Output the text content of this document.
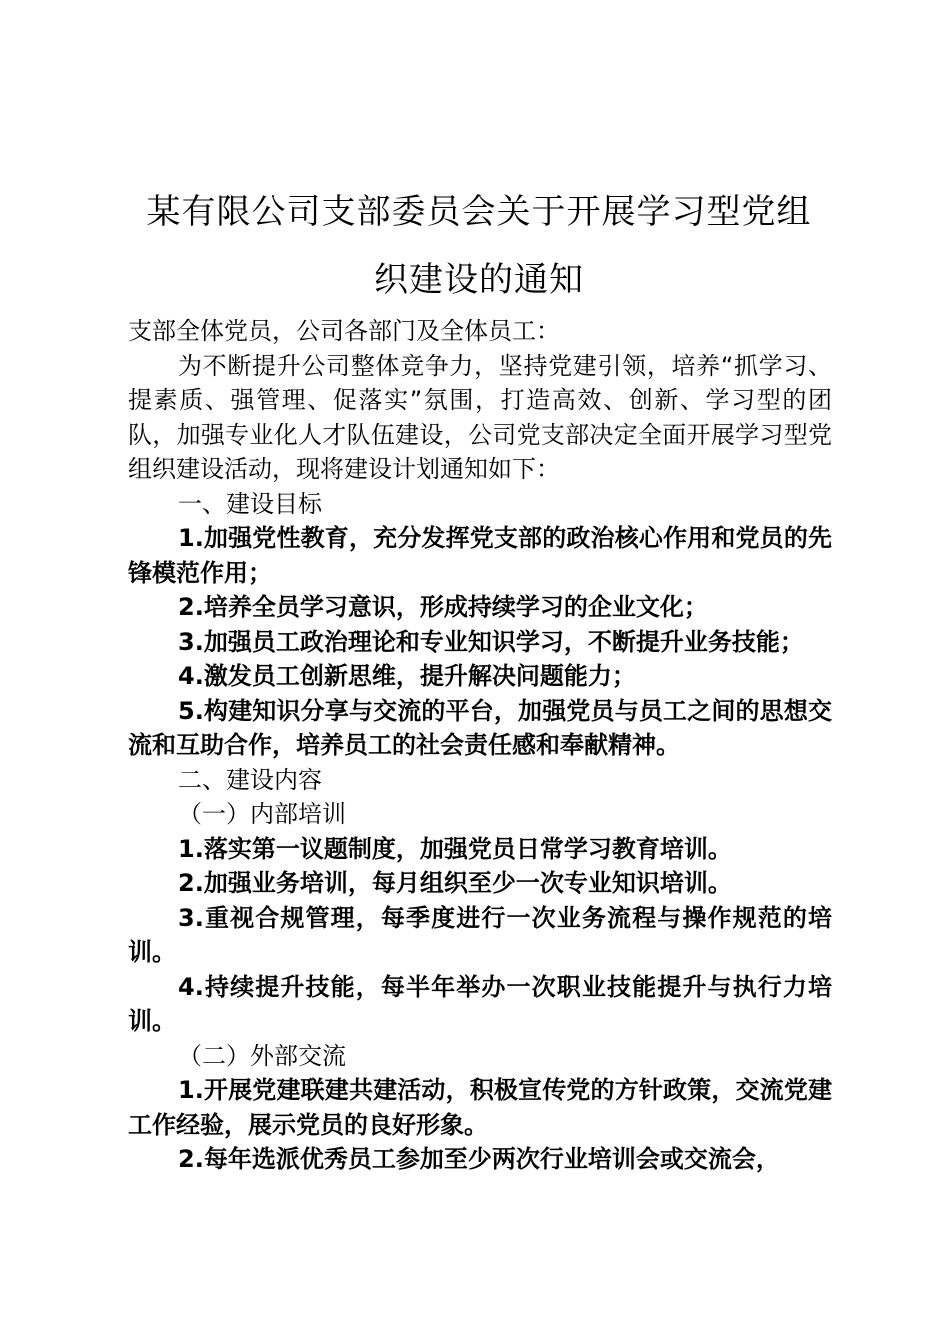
某有限公司支部委员会关于开展学习型党组
织建设的通知

支部全体党员，公司各部门及全体员工：

为不断提升公司整体竞争力，坚持党建引领，培养“抓学习、提素质、强管理、促落实”氛围，打造高效、创新、学习型的团队，加强专业化人才队伍建设，公司党支部决定全面开展学习型党组织建设活动，现将建设计划通知如下：

一、建设目标

1.加强党性教育，充分发挥党支部的政治核心作用和党员的先锋模范作用；

2.培养全员学习意识，形成持续学习的企业文化；

3.加强员工政治理论和专业知识学习，不断提升业务技能；

4.激发员工创新思维，提升解决问题能力；

5.构建知识分享与交流的平台，加强党员与员工之间的思想交流和互助合作，培养员工的社会责任感和奉献精神。

二、建设内容

（一）内部培训

1.落实第一议题制度，加强党员日常学习教育培训。

2.加强业务培训，每月组织至少一次专业知识培训。

3.重视合规管理，每季度进行一次业务流程与操作规范的培训。

4.持续提升技能，每半年举办一次职业技能提升与执行力培训。

（二）外部交流

1.开展党建联建共建活动，积极宣传党的方针政策，交流党建工作经验，展示党员的良好形象。

2.每年选派优秀员工参加至少两次行业培训会或交流会，
